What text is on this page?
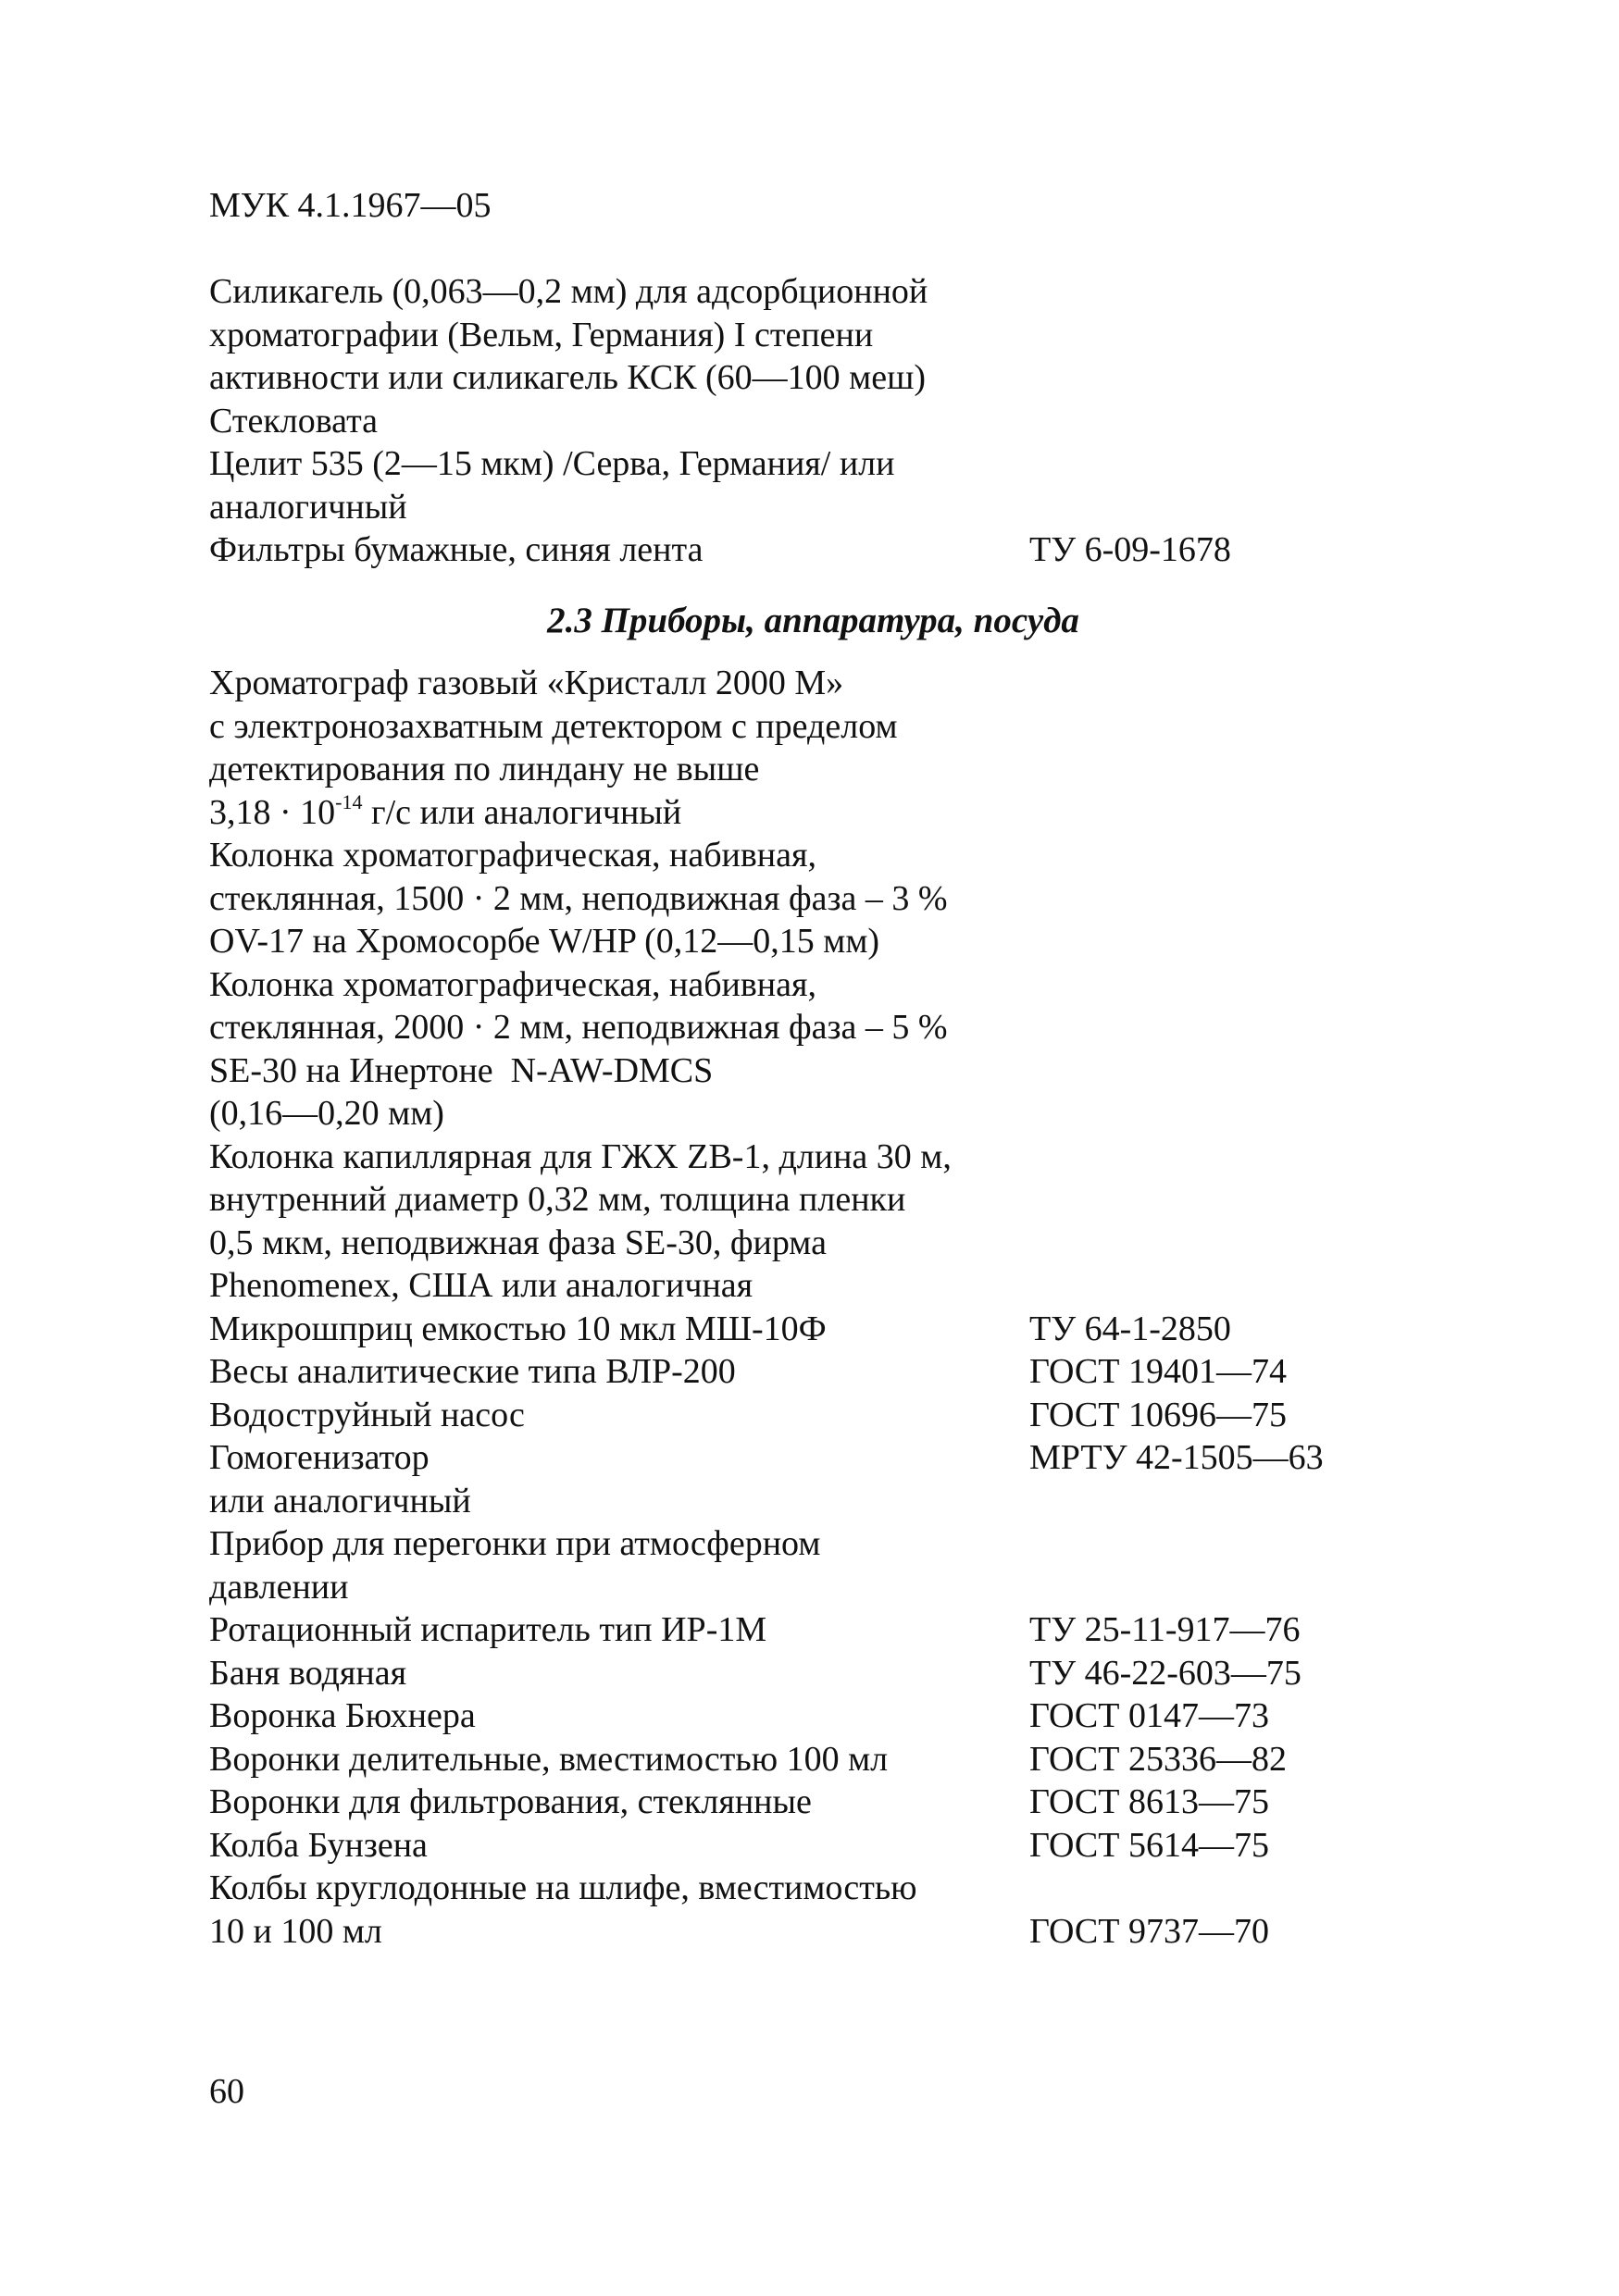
МУК 4.1.1967—05
Силикагель (0,063—0,2 мм) для адсорбционной
хроматографии (Вельм, Германия) I степени
активности или силикагель КСК (60—100 меш)
Стекловата
Целит 535 (2—15 мкм) /Серва, Германия/ или
аналогичный
Фильтры бумажные, синяя лента	ТУ 6-09-1678
2.3 Приборы, аппаратура, посуда
Хроматограф газовый «Кристалл 2000 М»
с электронозахватным детектором с пределом
детектирования по линдану не выше
$3,18 \cdot 10^{-14}$ г/с или аналогичный
Колонка хроматографическая, набивная,
стеклянная, 1500 · 2 мм, неподвижная фаза – 3 %
OV-17 на Хромосорбе W/HP (0,12—0,15 мм)
Колонка хроматографическая, набивная,
стеклянная, 2000 · 2 мм, неподвижная фаза – 5 %
SE-30 на Инертоне  N-AW-DMCS
(0,16—0,20 мм)
Колонка капиллярная для ГЖХ ZB-1, длина 30 м,
внутренний диаметр 0,32 мм, толщина пленки
0,5 мкм, неподвижная фаза SE-30, фирма
Phenomenex, США или аналогичная
Микрошприц емкостью 10 мкл МШ-10Ф	ТУ 64-1-2850
Весы аналитические типа ВЛР-200	ГОСТ 19401—74
Водоструйный насос	ГОСТ 10696—75
Гомогенизатор	МРТУ 42-1505—63
или аналогичный
Прибор для перегонки при атмосферном
давлении
Ротационный испаритель тип ИР-1М	ТУ 25-11-917—76
Баня водяная	ТУ 46-22-603—75
Воронка Бюхнера	ГОСТ 0147—73
Воронки делительные, вместимостью 100 мл	ГОСТ 25336—82
Воронки для фильтрования, стеклянные	ГОСТ 8613—75
Колба Бунзена	ГОСТ 5614—75
Колбы круглодонные на шлифе, вместимостью
10 и 100 мл	ГОСТ 9737—70
60
